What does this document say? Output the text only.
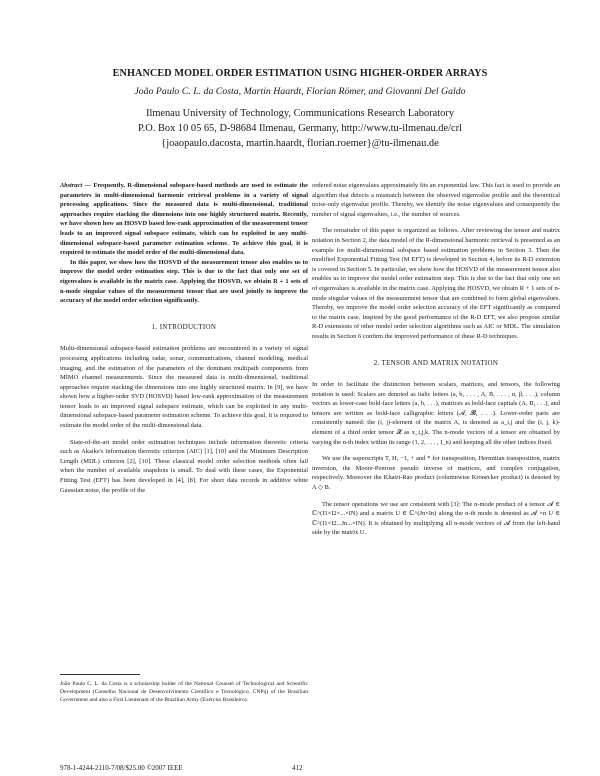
ENHANCED MODEL ORDER ESTIMATION USING HIGHER-ORDER ARRAYS
João Paulo C. L. da Costa, Martin Haardt, Florian Römer, and Giovanni Del Galdo
Ilmenau University of Technology, Communications Research Laboratory
P.O. Box 10 05 65, D-98684 Ilmenau, Germany, http://www.tu-ilmenau.de/crl
{joaopaulo.dacosta, martin.haardt, florian.roemer}@tu-ilmenau.de

Abstract — Frequently, R-dimensional subspace-based methods are used to estimate the parameters in multi-dimensional harmonic retrieval problems in a variety of signal processing applications. Since the measured data is multi-dimensional, traditional approaches require stacking the dimensions into one highly structured matrix. Recently, we have shown how an HOSVD based low-rank approximation of the measurement tensor leads to an improved signal subspace estimate, which can be exploited in any multi-dimensional subspace-based parameter estimation scheme. To achieve this goal, it is required to estimate the model order of the multi-dimensional data.

In this paper, we show how the HOSVD of the measurement tensor also enables us to improve the model order estimation step. This is due to the fact that only one set of eigenvalues is available in the matrix case. Applying the HOSVD, we obtain R + 1 sets of n-mode singular values of the measurement tensor that are used jointly to improve the accuracy of the model order selection significantly.

1. INTRODUCTION

Multi-dimensional subspace-based estimation problems are encountered in a variety of signal processing applications including radar, sonar, communications, channel modeling, medical imaging, and the estimation of the parameters of the dominant multipath components from MIMO channel measurements. Since the measured data is multi-dimensional, traditional approaches require stacking the dimensions into one highly structured matrix. In [9], we have shown how a higher-order SVD (HOSVD) based low-rank approximation of the measurement tensor leads to an improved signal subspace estimate, which can be exploited in any multi-dimensional subspace-based parameter estimation scheme. To achieve this goal, it is required to estimate the model order of the multi-dimensional data.

State-of-the-art model order estimation techniques include information theoretic criteria such as Akaike's information theoretic criterion (AIC) [1], [10] and the Minimum Description Length (MDL) criterion [2], [10]. These classical model order selection methods often fail when the number of available snapshots is small. To deal with these cases, the Exponential Fitting Test (EFT) has been developed in [4], [8]. For short data records in additive white Gaussian noise, the profile of the

ordered noise eigenvalues approximately fits an exponential law. This fact is used to provide an algorithm that detects a mismatch between the observed eigenvalue profile and the theoretical noise-only eigenvalue profile. Thereby, we identify the noise eigenvalues and consequently the number of signal eigenvalues, i.e., the number of sources.

The remainder of this paper is organized as follows. After reviewing the tensor and matrix notation in Section 2, the data model of the R-dimensional harmonic retrieval is presented as an example for multi-dimensional subspace based estimation problems in Section 3. Then the modified Exponential Fitting Test (M EFT) is developed in Section 4, before its R-D extension is covered in Section 5. In particular, we show how the HOSVD of the measurement tensor also enables us to improve the model order estimation step. This is due to the fact that only one set of eigenvalues is available in the matrix case. Applying the HOSVD, we obtain R + 1 sets of n-mode singular values of the measurement tensor that are combined to form global eigenvalues. Thereby, we improve the model order selection accuracy of the EFT significantly as compared to the matrix case. Inspired by the good performance of the R-D EFT, we also propose similar R-D extensions of other model order selection algorithms such as AIC or MDL. The simulation results in Section 6 confirm the improved performance of these R-D techniques.

2. TENSOR AND MATRIX NOTATION

In order to facilitate the distinction between scalars, matrices, and tensors, the following notation is used: Scalars are denoted as italic letters (a, b, . . . , A, B, . . . , α, β, . . .), column vectors as lower-case bold-face letters (a, b, . . .), matrices as bold-face capitals (A, B, . . .), and tensors are written as bold-face calligraphic letters (𝓐, 𝓑, . . .). Lower-order parts are consistently named: the (i, j)-element of the matrix A, is denoted as a_i,j and the (i, j, k)-element of a third order tensor 𝓧 as x_i,j,k. The n-mode vectors of a tensor are obtained by varying the n-th index within its range (1, 2, . . . , I_n) and keeping all the other indices fixed.

We use the superscripts T, H, −1, + and * for transposition, Hermitian transposition, matrix inversion, the Moore-Penrose pseudo inverse of matrices, and complex conjugation, respectively. Moreover the Khatri-Rao product (columnwise Kronecker product) is denoted by A ◇ B.

The tensor operations we use are consistent with [3]: The n-mode product of a tensor 𝓐 ∈ ℂ^(I1×I2×...×IN) and a matrix U ∈ ℂ^(Jn×In) along the n-th mode is denoted as 𝓐 ×n U ∈ ℂ^(I1×I2...Jn...×IN). It is obtained by multiplying all n-mode vectors of 𝓐 from the left-hand side by the matrix U.

João Paulo C. L. da Costa is a scholarship holder of the National Counsel of Technological and Scientific Development (Conselho Nacional de Desenvolvimento Científico e Tecnológico, CNPq) of the Brazilian Government and also a First Lieutenant of the Brazilian Army (Exército Brasileiro).
978-1-4244-2110-7/08/$25.00 ©2007 IEEE	412
